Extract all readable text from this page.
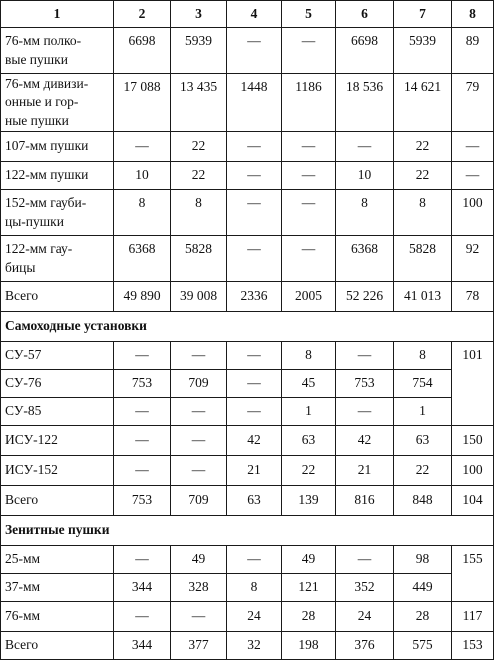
1	2	3	4	5	6	7	8
76-мм полко-
вые пушки	6698	5939	—	—	6698	5939	89
76-мм дивизи-
онные и гор-
ные пушки	17 088	13 435	1448	1186	18 536	14 621	79
107-мм пушки	—	22	—	—	—	22	—
122-мм пушки	10	22	—	—	10	22	—
152-мм гауби-
цы-пушки	8	8	—	—	8	8	100
122-мм гау-
бицы	6368	5828	—	—	6368	5828	92
Всего	49 890	39 008	2336	2005	52 226	41 013	78
Самоходные установки							
СУ-57	—	—	—	8	—	8	101
СУ-76	753	709	—	45	753	754	
СУ-85	—	—	—	1	—	1	
ИСУ-122	—	—	42	63	42	63	150
ИСУ-152	—	—	21	22	21	22	100
Всего	753	709	63	139	816	848	104
Зенитные пушки							
25-мм	—	49	—	49	—	98	155
37-мм	344	328	8	121	352	449	
76-мм	—	—	24	28	24	28	117
Всего	344	377	32	198	376	575	153
